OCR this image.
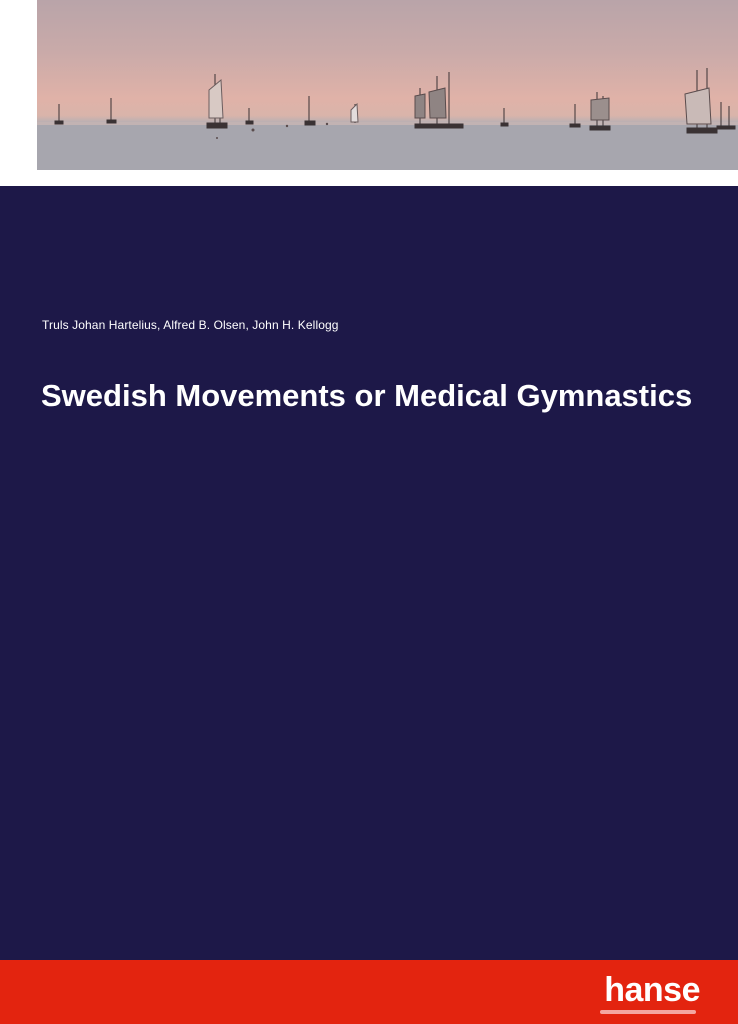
Truls Johan Hartelius, Alfred B. Olsen, John H. Kellogg
Swedish Movements or Medical Gymnastics
hanse
